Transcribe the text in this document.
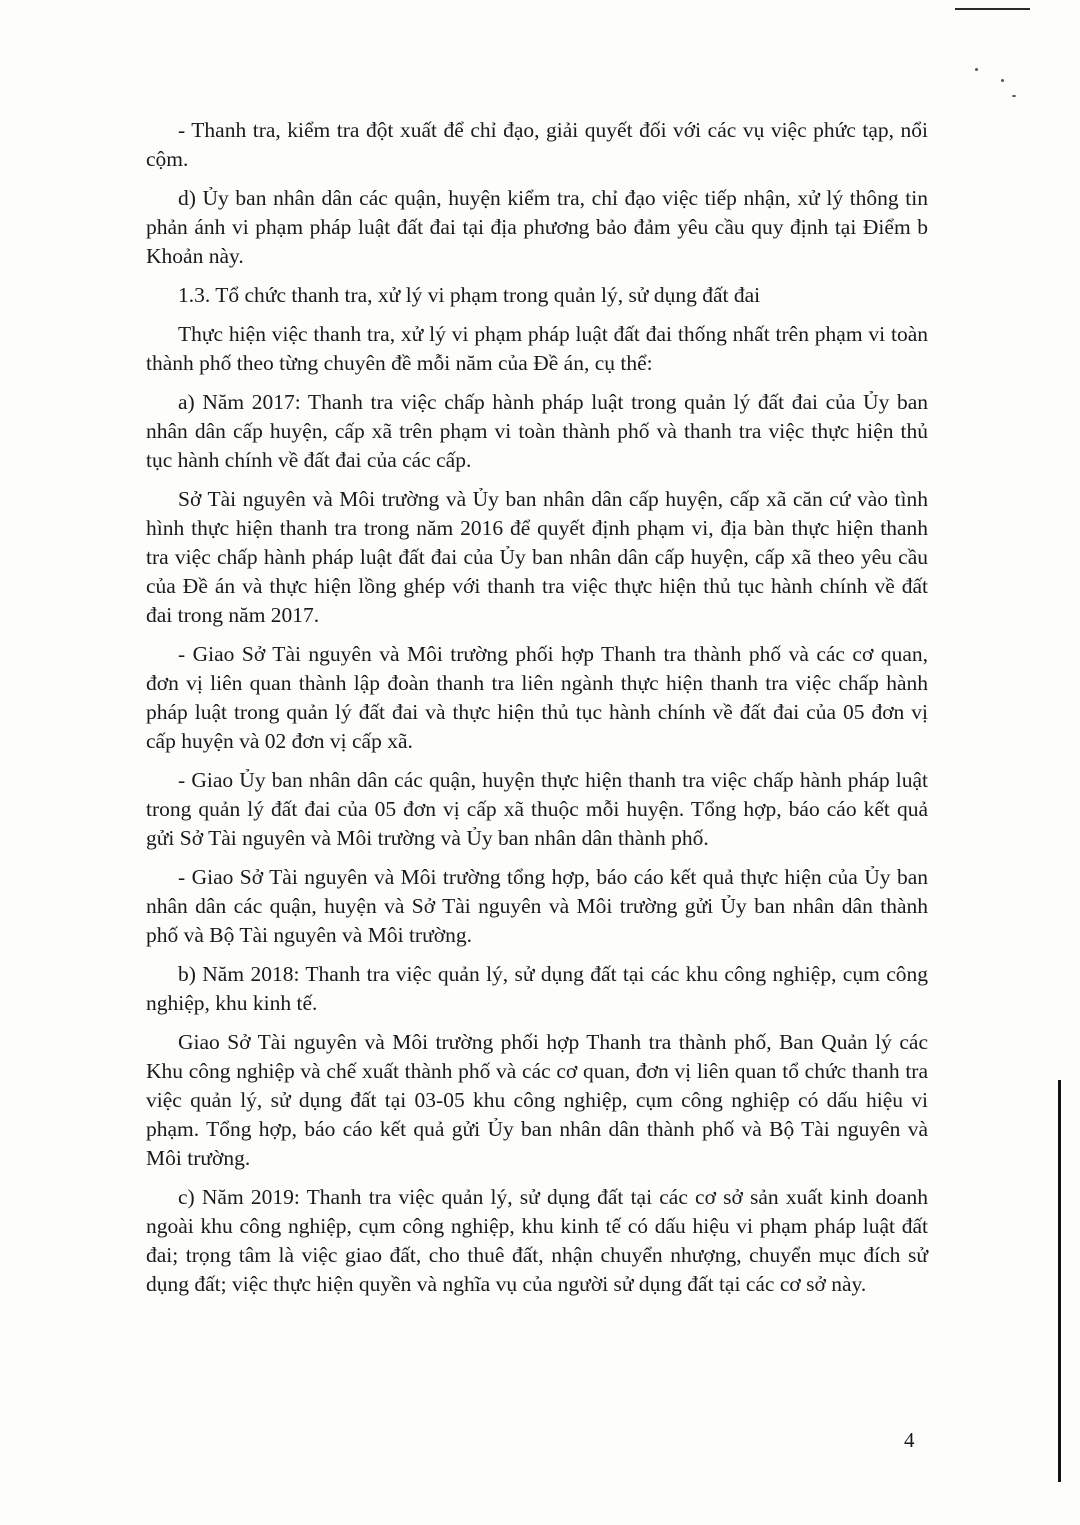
- Thanh tra, kiểm tra đột xuất để chỉ đạo, giải quyết đối với các vụ việc phức tạp, nổi cộm.

d) Ủy ban nhân dân các quận, huyện kiểm tra, chỉ đạo việc tiếp nhận, xử lý thông tin phản ánh vi phạm pháp luật đất đai tại địa phương bảo đảm yêu cầu quy định tại Điểm b Khoản này.

1.3. Tổ chức thanh tra, xử lý vi phạm trong quản lý, sử dụng đất đai

Thực hiện việc thanh tra, xử lý vi phạm pháp luật đất đai thống nhất trên phạm vi toàn thành phố theo từng chuyên đề mỗi năm của Đề án, cụ thể:

a) Năm 2017: Thanh tra việc chấp hành pháp luật trong quản lý đất đai của Ủy ban nhân dân cấp huyện, cấp xã trên phạm vi toàn thành phố và thanh tra việc thực hiện thủ tục hành chính về đất đai của các cấp.

Sở Tài nguyên và Môi trường và Ủy ban nhân dân cấp huyện, cấp xã căn cứ vào tình hình thực hiện thanh tra trong năm 2016 để quyết định phạm vi, địa bàn thực hiện thanh tra việc chấp hành pháp luật đất đai của Ủy ban nhân dân cấp huyện, cấp xã theo yêu cầu của Đề án và thực hiện lồng ghép với thanh tra việc thực hiện thủ tục hành chính về đất đai trong năm 2017.

- Giao Sở Tài nguyên và Môi trường phối hợp Thanh tra thành phố và các cơ quan, đơn vị liên quan thành lập đoàn thanh tra liên ngành thực hiện thanh tra việc chấp hành pháp luật trong quản lý đất đai và thực hiện thủ tục hành chính về đất đai của 05 đơn vị cấp huyện và 02 đơn vị cấp xã.

- Giao Ủy ban nhân dân các quận, huyện thực hiện thanh tra việc chấp hành pháp luật trong quản lý đất đai của 05 đơn vị cấp xã thuộc mỗi huyện. Tổng hợp, báo cáo kết quả gửi Sở Tài nguyên và Môi trường và Ủy ban nhân dân thành phố.

- Giao Sở Tài nguyên và Môi trường tổng hợp, báo cáo kết quả thực hiện của Ủy ban nhân dân các quận, huyện và Sở Tài nguyên và Môi trường gửi Ủy ban nhân dân thành phố và Bộ Tài nguyên và Môi trường.

b) Năm 2018: Thanh tra việc quản lý, sử dụng đất tại các khu công nghiệp, cụm công nghiệp, khu kinh tế.

Giao Sở Tài nguyên và Môi trường phối hợp Thanh tra thành phố, Ban Quản lý các Khu công nghiệp và chế xuất thành phố và các cơ quan, đơn vị liên quan tổ chức thanh tra việc quản lý, sử dụng đất tại 03-05 khu công nghiệp, cụm công nghiệp có dấu hiệu vi phạm. Tổng hợp, báo cáo kết quả gửi Ủy ban nhân dân thành phố và Bộ Tài nguyên và Môi trường.

c) Năm 2019: Thanh tra việc quản lý, sử dụng đất tại các cơ sở sản xuất kinh doanh ngoài khu công nghiệp, cụm công nghiệp, khu kinh tế có dấu hiệu vi phạm pháp luật đất đai; trọng tâm là việc giao đất, cho thuê đất, nhận chuyển nhượng, chuyển mục đích sử dụng đất; việc thực hiện quyền và nghĩa vụ của người sử dụng đất tại các cơ sở này.

4
